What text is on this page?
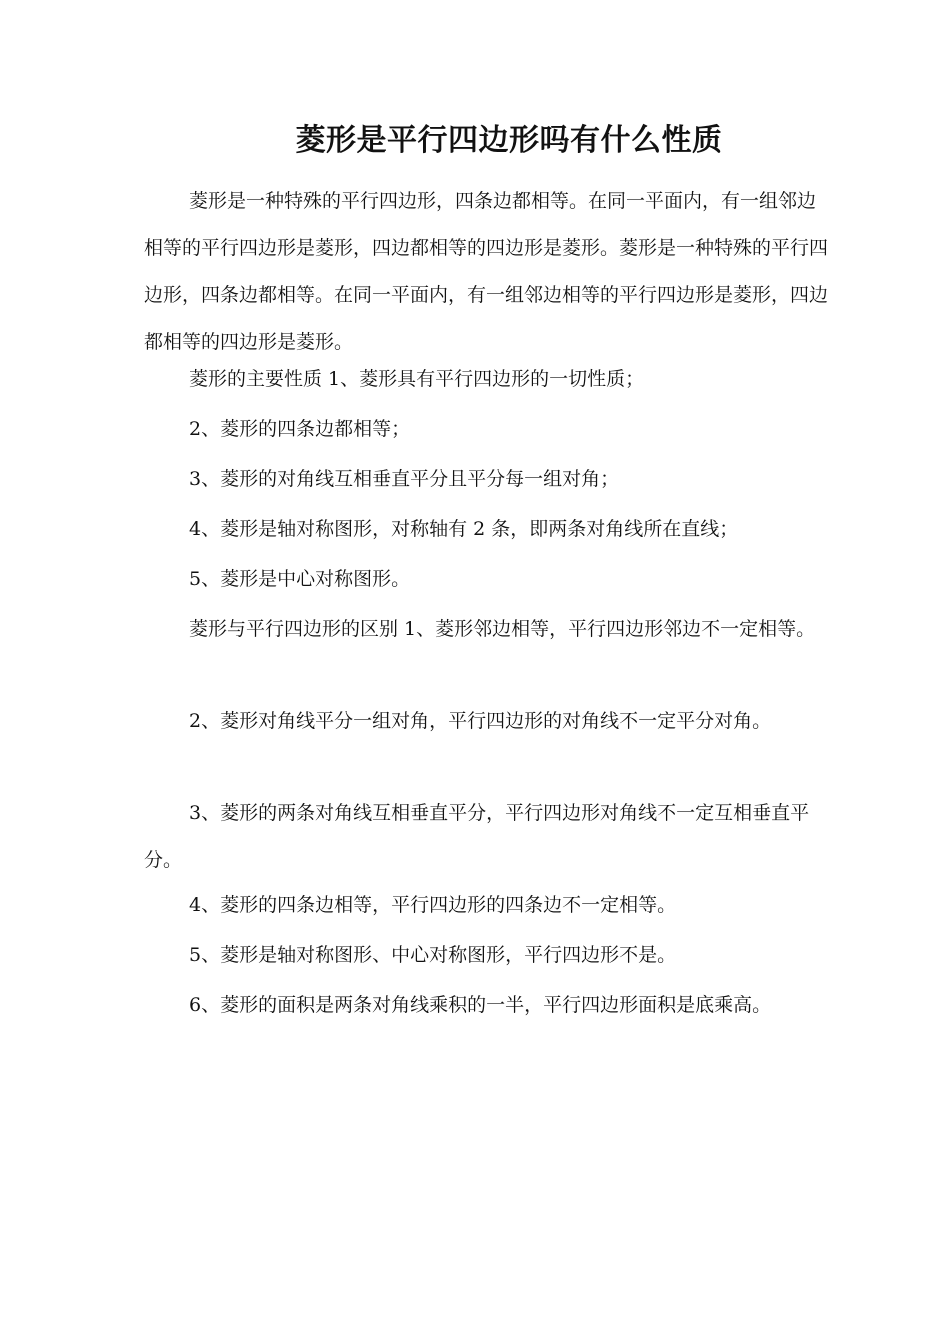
菱形是平行四边形吗有什么性质

菱形是一种特殊的平行四边形，四条边都相等。在同一平面内，有一组邻边相等的平行四边形是菱形，四边都相等的四边形是菱形。菱形是一种特殊的平行四边形，四条边都相等。在同一平面内，有一组邻边相等的平行四边形是菱形，四边都相等的四边形是菱形。

菱形的主要性质 1、菱形具有平行四边形的一切性质；

2、菱形的四条边都相等；

3、菱形的对角线互相垂直平分且平分每一组对角；

4、菱形是轴对称图形，对称轴有 2 条，即两条对角线所在直线；

5、菱形是中心对称图形。

菱形与平行四边形的区别 1、菱形邻边相等，平行四边形邻边不一定相等。

2、菱形对角线平分一组对角，平行四边形的对角线不一定平分对角。

3、菱形的两条对角线互相垂直平分，平行四边形对角线不一定互相垂直平分。

4、菱形的四条边相等，平行四边形的四条边不一定相等。

5、菱形是轴对称图形、中心对称图形，平行四边形不是。

6、菱形的面积是两条对角线乘积的一半，平行四边形面积是底乘高。
